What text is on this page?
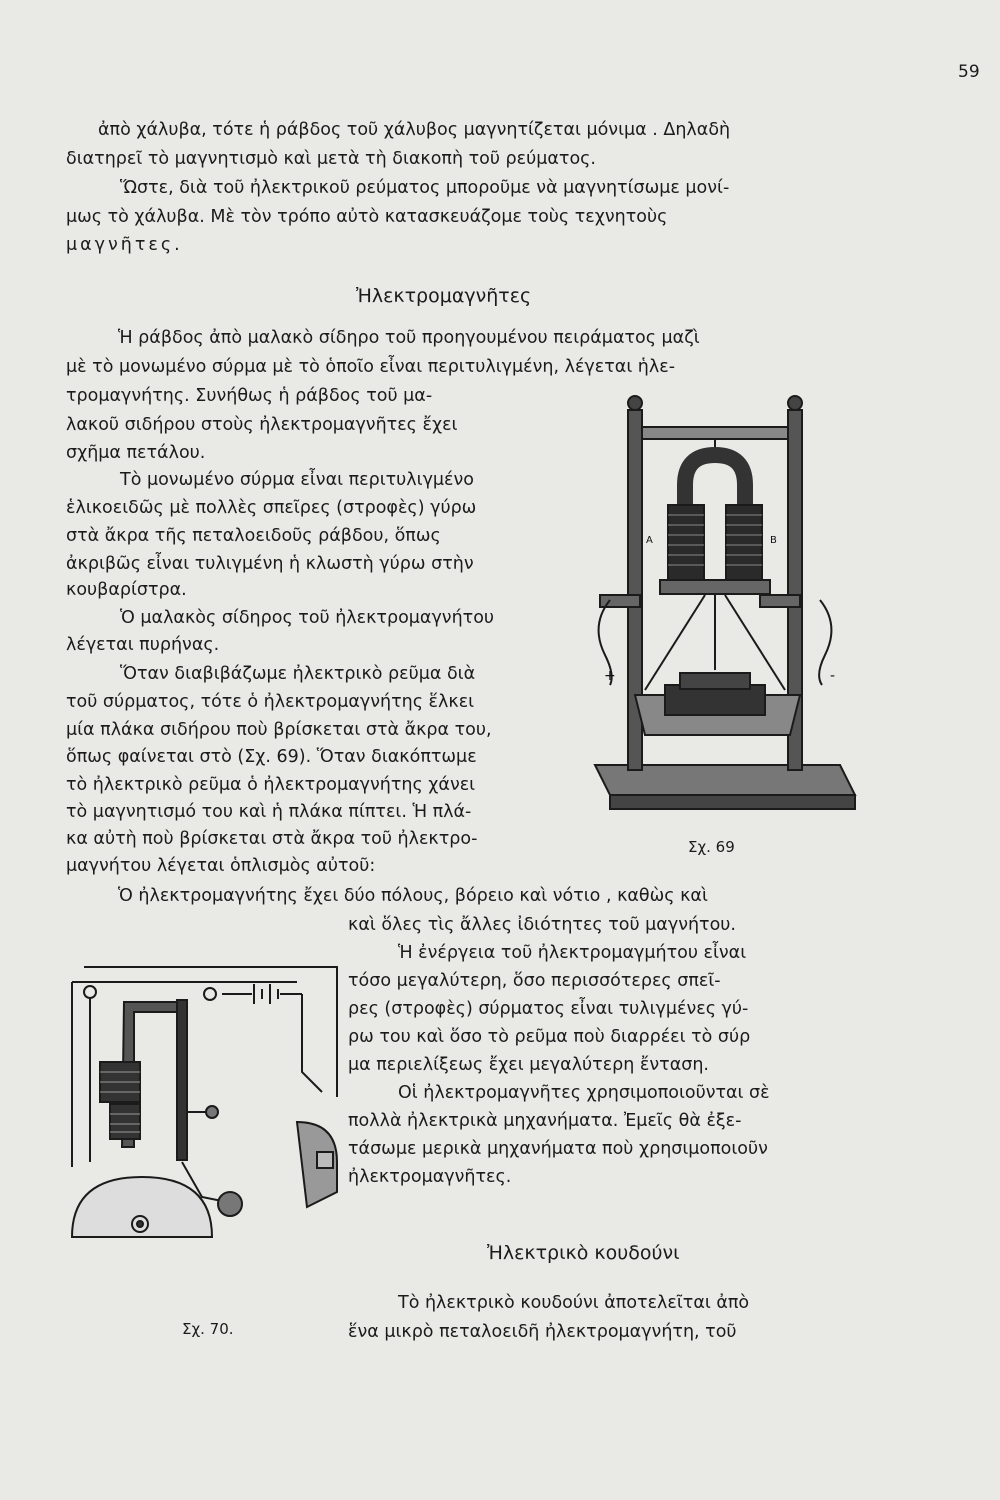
59

ἀπὸ χάλυβα, τότε ἡ ράβδος τοῦ χάλυβος μαγνητίζεται μόνιμα . Δηλαδὴ

διατηρεῖ τὸ μαγνητισμὸ καὶ μετὰ τὴ διακοπὴ τοῦ ρεύματος.

Ὥστε, διὰ τοῦ ἠλεκτρικοῦ ρεύματος μποροῦμε νὰ μαγνητίσωμε μονί-

μως τὸ χάλυβα. Μὲ τὸν τρόπο αὐτὸ κατασκευάζομε τοὺς τεχνητοὺς

μαγνῆτες.

Ἠλεκτρομαγνῆτες

Ἡ ράβδος ἀπὸ μαλακὸ σίδηρο τοῦ προηγουμένου πειράματος μαζὶ

μὲ τὸ μονωμένο σύρμα μὲ τὸ ὁποῖο εἶναι περιτυλιγμένη, λέγεται ἡλε-

τρομαγνήτης. Συνήθως ἡ ράβδος τοῦ μα-

λακοῦ σιδήρου στοὺς ἠλεκτρομαγνῆτες ἔχει

σχῆμα πετάλου.

Τὸ μονωμένο σύρμα εἶναι περιτυλιγμένο

ἑλικοειδῶς μὲ πολλὲς σπεῖρες (στροφὲς) γύρω

στὰ ἄκρα τῆς πεταλοειδοῦς ράβδου, ὅπως

ἀκριβῶς εἶναι τυλιγμένη ἡ κλωστὴ γύρω στὴν

κουβαρίστρα.

Ὁ μαλακὸς σίδηρος τοῦ ἠλεκτρομαγνήτου

λέγεται πυρήνας.

Ὅταν διαβιβάζωμε ἠλεκτρικὸ ρεῦμα διὰ

τοῦ σύρματος, τότε ὁ ἠλεκτρομαγνήτης ἕλκει

μία πλάκα σιδήρου ποὺ βρίσκεται στὰ ἄκρα του,

ὅπως φαίνεται στὸ (Σχ. 69). Ὅταν διακόπτωμε

τὸ ἠλεκτρικὸ ρεῦμα ὁ ἠλεκτρομαγνήτης χάνει

τὸ μαγνητισμό του καὶ ἡ πλάκα πίπτει. Ἡ πλά-

κα αὐτὴ ποὺ βρίσκεται στὰ ἄκρα τοῦ ἠλεκτρο-

μαγνήτου λέγεται ὁπλισμὸς αὐτοῦ:

Ὁ ἠλεκτρομαγνήτης ἔχει δύο πόλους, βόρειο καὶ νότιο , καθὼς καὶ

καὶ ὅλες τὶς ἄλλες ἰδιότητες τοῦ μαγνήτου.

Ἡ ἐνέργεια τοῦ ἠλεκτρομαγμήτου εἶναι

τόσο μεγαλύτερη, ὅσο περισσότερες σπεῖ-

ρες (στροφὲς) σύρματος εἶναι τυλιγμένες γύ-

ρω του καὶ ὅσο τὸ ρεῦμα ποὺ διαρρέει τὸ σύρ

μα περιελίξεως ἔχει μεγαλύτερη ἔνταση.

Οἱ ἠλεκτρομαγνῆτες χρησιμοποιοῦνται σὲ

πολλὰ ἠλεκτρικὰ μηχανήματα. Ἐμεῖς θὰ ἐξε-

τάσωμε μερικὰ μηχανήματα ποὺ χρησιμοποιοῦν

ἠλεκτρομαγνῆτες.

Ἠλεκτρικὸ κουδούνι

Τὸ ἠλεκτρικὸ κουδούνι ἀποτελεῖται ἀπὸ

ἕνα μικρὸ πεταλοειδῆ ἠλεκτρομαγνήτη, τοῦ

A	B
+	-
Σχ. 69
Σχ. 70.
